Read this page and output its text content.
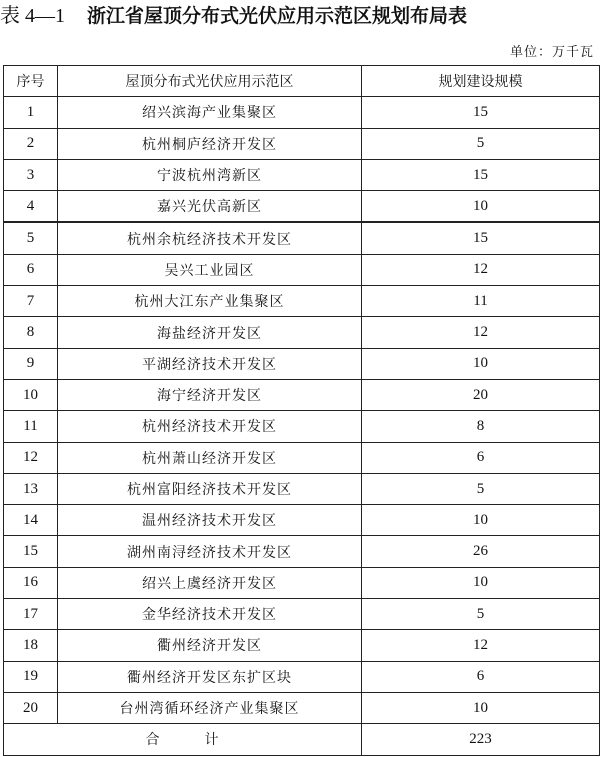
表 4—1 浙江省屋顶分布式光伏应用示范区规划布局表
单位：万千瓦
序号	屋顶分布式光伏应用示范区	规划建设规模
1	绍兴滨海产业集聚区	15
2	杭州桐庐经济开发区	5
3	宁波杭州湾新区	15
4	嘉兴光伏高新区	10
5	杭州余杭经济技术开发区	15
6	吴兴工业园区	12
7	杭州大江东产业集聚区	11
8	海盐经济开发区	12
9	平湖经济技术开发区	10
10	海宁经济开发区	20
11	杭州经济技术开发区	8
12	杭州萧山经济开发区	6
13	杭州富阳经济技术开发区	5
14	温州经济技术开发区	10
15	湖州南浔经济技术开发区	26
16	绍兴上虞经济开发区	10
17	金华经济技术开发区	5
18	衢州经济开发区	12
19	衢州经济开发区东扩区块	6
20	台州湾循环经济产业集聚区	10
合 计		223
